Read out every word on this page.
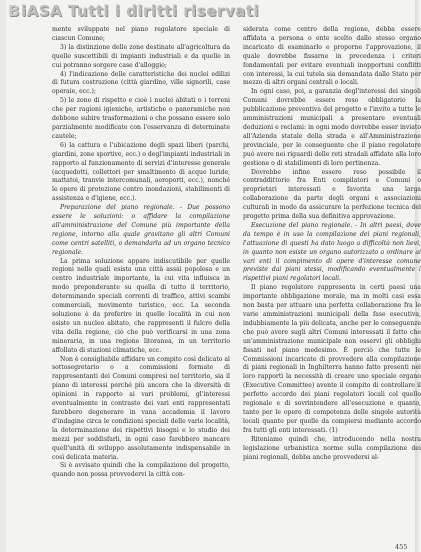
B iASA Tutti i diritti riservati

mente sviluppate nel piano regolatore speciale di ciascun Comune;

3) la distinzione delle zone destinate all'agricoltura da quelle suscettibili di impianti industriali e da quelle in cui potranno sorgere case d'alloggio;

4) l'indicazione delle caratteristiche dei nuclei edilizi di futura costruzione (città giardino, ville signorili, case operaie, ecc.);

5) le zone di rispetto e cioè i nuclei abitati o i terreni che per ragioni igieniche, artistiche o panoramiche non debbono subire trasformazioni o che possano essere solo parzialmente modificate con l'osservanza di determinate cautele;

6) la cattura e l'ubicazione degli spazi liberi (parchi, giardini, zone sportive, ecc.) o degl'impianti industriali in rapporto al funzionamento di servizi d'interesse generale (acquedotti, collettori per smaltimento di acque luride, mattatoi, tranvie intercomunali, aeroporti, ecc.), nonché le opere di protezione contro inondazioni, stabilimenti di assistenza e d'igiene, ecc.).

Preparazione del piano regionale. - Due possono essere le soluzioni: o affidare la compilazione all'amministrazione del Comune più importante della regione, intorno alla quale gravitano gli altri Comuni come centri satelliti, o demandarla ad un organo tecnico regionale.

La prima soluzione appare indiscutibile per quelle regioni nelle quali esista una città assai popolosa e un centro industriale importante, la cui vita influisca in modo preponderante su quella di tutto il territorio, determinando speciali correnti di traffico, attivi scambi commerciali, movimento turistico, ecc. La seconda soluzione è da preferire in quelle località in cui non esiste un nucleo abitato, che rappresenti il fulcro della vita della regione, ciò che può verificarsi in una zona mineraria, in una regione litoranea, in un territorio affollato di stazioni climatiche, ecc.

Non è consigliabile affidare un compito così delicato al sottosegretario o a commissioni formate di rappresentanti dei Comuni compresi nel territorio, sia il piano di interessi perché più ancora che la diversità di opinioni in rapporto ai vari problemi, gl'interessi eventualmente in contrasto dei vari enti rappresentati farebbero degenerare in vana accademia il lavoro d'indagine circa le condizioni speciali delle varie località, la determinazione dei rispettivi bisogni e lo studio dei mezzi per soddisfarli, in ogni caso farebbero mancare quell'unità di sviluppo assolutamente indispensabile in così delicata materia.

Si è avvisato quindi che la compilazione del progetto, quando non possa provvedervi la città con-

siderata come centro della regione, debba essere affidata a persona o ente scelto dallo stesso organo incaricato di esaminarlo e proporne l'approvazione, il quale dovrebbe fissarne in precedenza i criteri fondamentali per evitare eventuali inopportuni conflitti con interessi, la cui tutela sia demandata dallo Stato per mezzo di altri organi centrali o locali.

In ogni caso, poi, a garanzia degl'interessi dei singoli Comuni dovrebbe essere reso obbligatorio la pubblicazione preventiva del progetto e l'invito a tutte le amministrazioni municipali a presentare eventuali deduzioni e reclami: in ogni modo dovrebbe esser inviato all'Azienda statale della strada e all'Amministrazione provinciale, per le conseguente che il piano regolatore può avere nei riguardi delle reti stradali affidate alla loro gestione o di stabilimenti di loro pertinenza.

Dovrebbe infine essere reso possibile il contraddittorio fra Enti compilatori e Comuni o proprietari interessati e favorita una larga collaborazione da parte degli organi e associazioni culturali in modo da assicurare la perfezione tecnica del progetto prima della sua definitiva approvazione.

Esecuzione del piano regionale. - In altri paesi, dove da tempo è in uso la compilazione dei piani regionali, l'attuazione di questi ha dato luogo a difficoltà non lievi, in quanto non esiste un organo autorizzato a ordinare ai vari enti il compimento di opere d'interesse comune previste dai piani stessi, modificando eventualmente i rispettivi piani regolatori locali.

Il piano regolatore rappresenta in certi paesi una importante obbligazione morale, ma in molti casi essa non basta per attuare una perfetta collaborazione fra le varie amministrazioni municipali della fase esecutiva, indubbiamente la più delicata, anche per le conseguenze che può avere sugli altri Comuni interessati il fatto che un'amministrazione municipale non osservi gli obblighi fissati nel piano medesimo. È perciò che tutte le Commissioni incaricate di provvedere alla compilazione di piani regionali in Inghilterra hanno fatto presenti nei loro rapporti la necessità di creare uno speciale organo (Executive Committee) avente il compito di controllare il perfetto accordo dei piani regolatori locali col quello regionale e di sovrintendere all'esecuzione e quanto, tanto per le opere di competenza delle singole autorità locali quanto per quelle da compiersi mediante accordo fra tutti gli enti interessati. (1)

Riteniamo quindi che, introducendo nella nostra legislazione urbanistica norme sulla compilazione dei piani regionali, debba anche provvedersi al-

455
